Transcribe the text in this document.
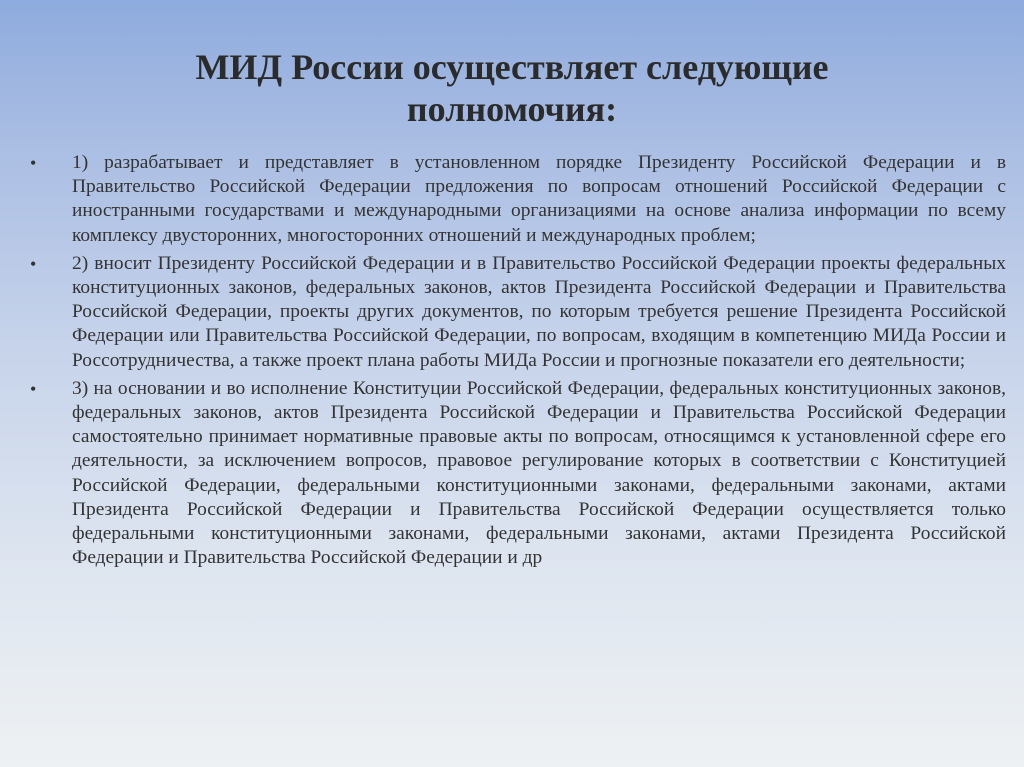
МИД России осуществляет следующие
полномочия:
• 1) разрабатывает и представляет в установленном порядке Президенту Российской Федерации и в Правительство Российской Федерации предложения по вопросам отношений Российской Федерации с иностранными государствами и международными организациями на основе анализа информации по всему комплексу двусторонних, многосторонних отношений и международных проблем;
• 2) вносит Президенту Российской Федерации и в Правительство Российской Федерации проекты федеральных конституционных законов, федеральных законов, актов Президента Российской Федерации и Правительства Российской Федерации, проекты других документов, по которым требуется решение Президента Российской Федерации или Правительства Российской Федерации, по вопросам, входящим в компетенцию МИДа России и Россотрудничества, а также проект плана работы МИДа России и прогнозные показатели его деятельности;
• 3) на основании и во исполнение Конституции Российской Федерации, федеральных конституционных законов, федеральных законов, актов Президента Российской Федерации и Правительства Российской Федерации самостоятельно принимает нормативные правовые акты по вопросам, относящимся к установленной сфере его деятельности, за исключением вопросов, правовое регулирование которых в соответствии с Конституцией Российской Федерации, федеральными конституционными законами, федеральными законами, актами Президента Российской Федерации и Правительства Российской Федерации осуществляется только федеральными конституционными законами, федеральными законами, актами Президента Российской Федерации и Правительства Российской Федерации и др
